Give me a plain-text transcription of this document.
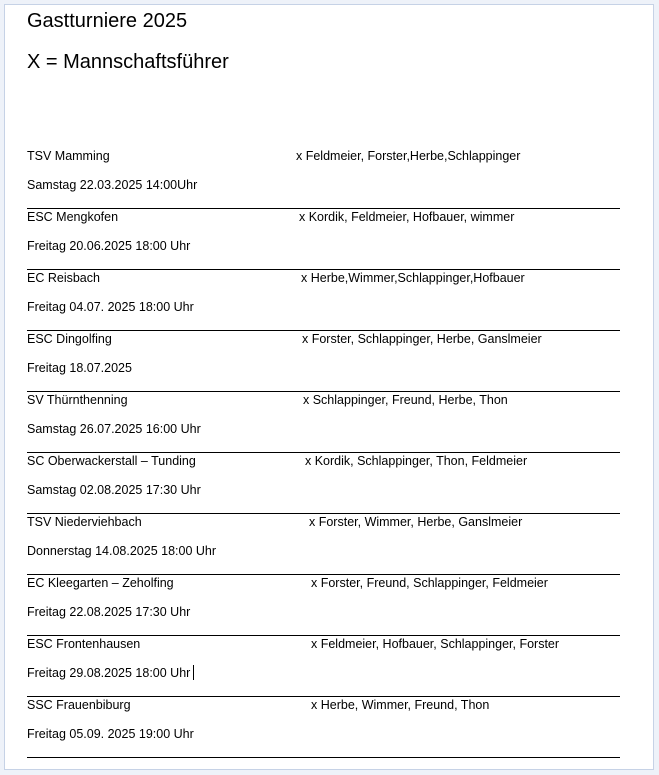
Gastturniere 2025
X = Mannschaftsführer
TSV Mamming	x Feldmeier, Forster,Herbe,Schlappinger
Samstag 22.03.2025 14:00Uhr
ESC Mengkofen	x Kordik, Feldmeier, Hofbauer, wimmer
Freitag 20.06.2025 18:00 Uhr
EC Reisbach	x Herbe,Wimmer,Schlappinger,Hofbauer
Freitag 04.07. 2025 18:00 Uhr
ESC Dingolfing	x Forster, Schlappinger, Herbe, Ganslmeier
Freitag 18.07.2025
SV Thürnthenning	x Schlappinger, Freund, Herbe, Thon
Samstag 26.07.2025 16:00 Uhr
SC Oberwackerstall – Tunding	x Kordik, Schlappinger, Thon, Feldmeier
Samstag 02.08.2025 17:30 Uhr
TSV Niederviehbach	x Forster, Wimmer, Herbe, Ganslmeier
Donnerstag 14.08.2025 18:00 Uhr
EC Kleegarten – Zeholfing	x Forster, Freund, Schlappinger, Feldmeier
Freitag 22.08.2025 17:30 Uhr
ESC Frontenhausen	x Feldmeier, Hofbauer, Schlappinger, Forster
Freitag 29.08.2025 18:00 Uhr
SSC Frauenbiburg	x Herbe, Wimmer, Freund, Thon
Freitag 05.09. 2025 19:00 Uhr
